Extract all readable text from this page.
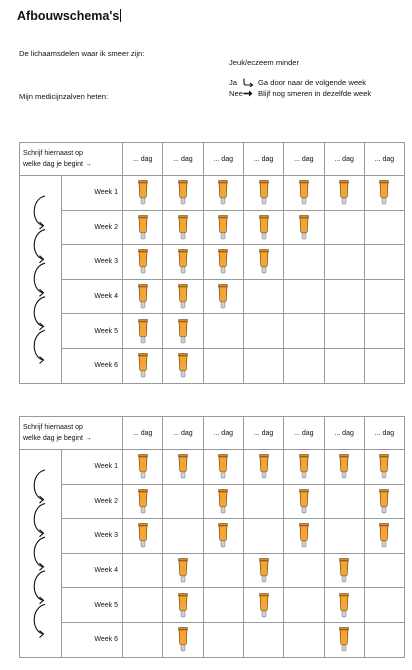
Afbouwschema's
De lichaamsdelen waar ik smeer zijn:
Mijn medicijnzalven heten:
Jeuk/eczeem minder
Ja	Ga door naar de volgende week
Nee Blijf nog smeren in dezelfde week
Schrijf hiernaast op
welke dag je begint →		... dag	... dag	... dag	... dag	... dag	... dag	... dag
	Week 1	

	Week 2	

	Week 3	

	Week 4	

	Week 5	

	Week 6	

Schrijf hiernaast op
welke dag je begint →		... dag	... dag	... dag	... dag	... dag	... dag	... dag
	Week 1	

	Week 2	

	Week 3	

	Week 4		

	Week 5		

	Week 6		
